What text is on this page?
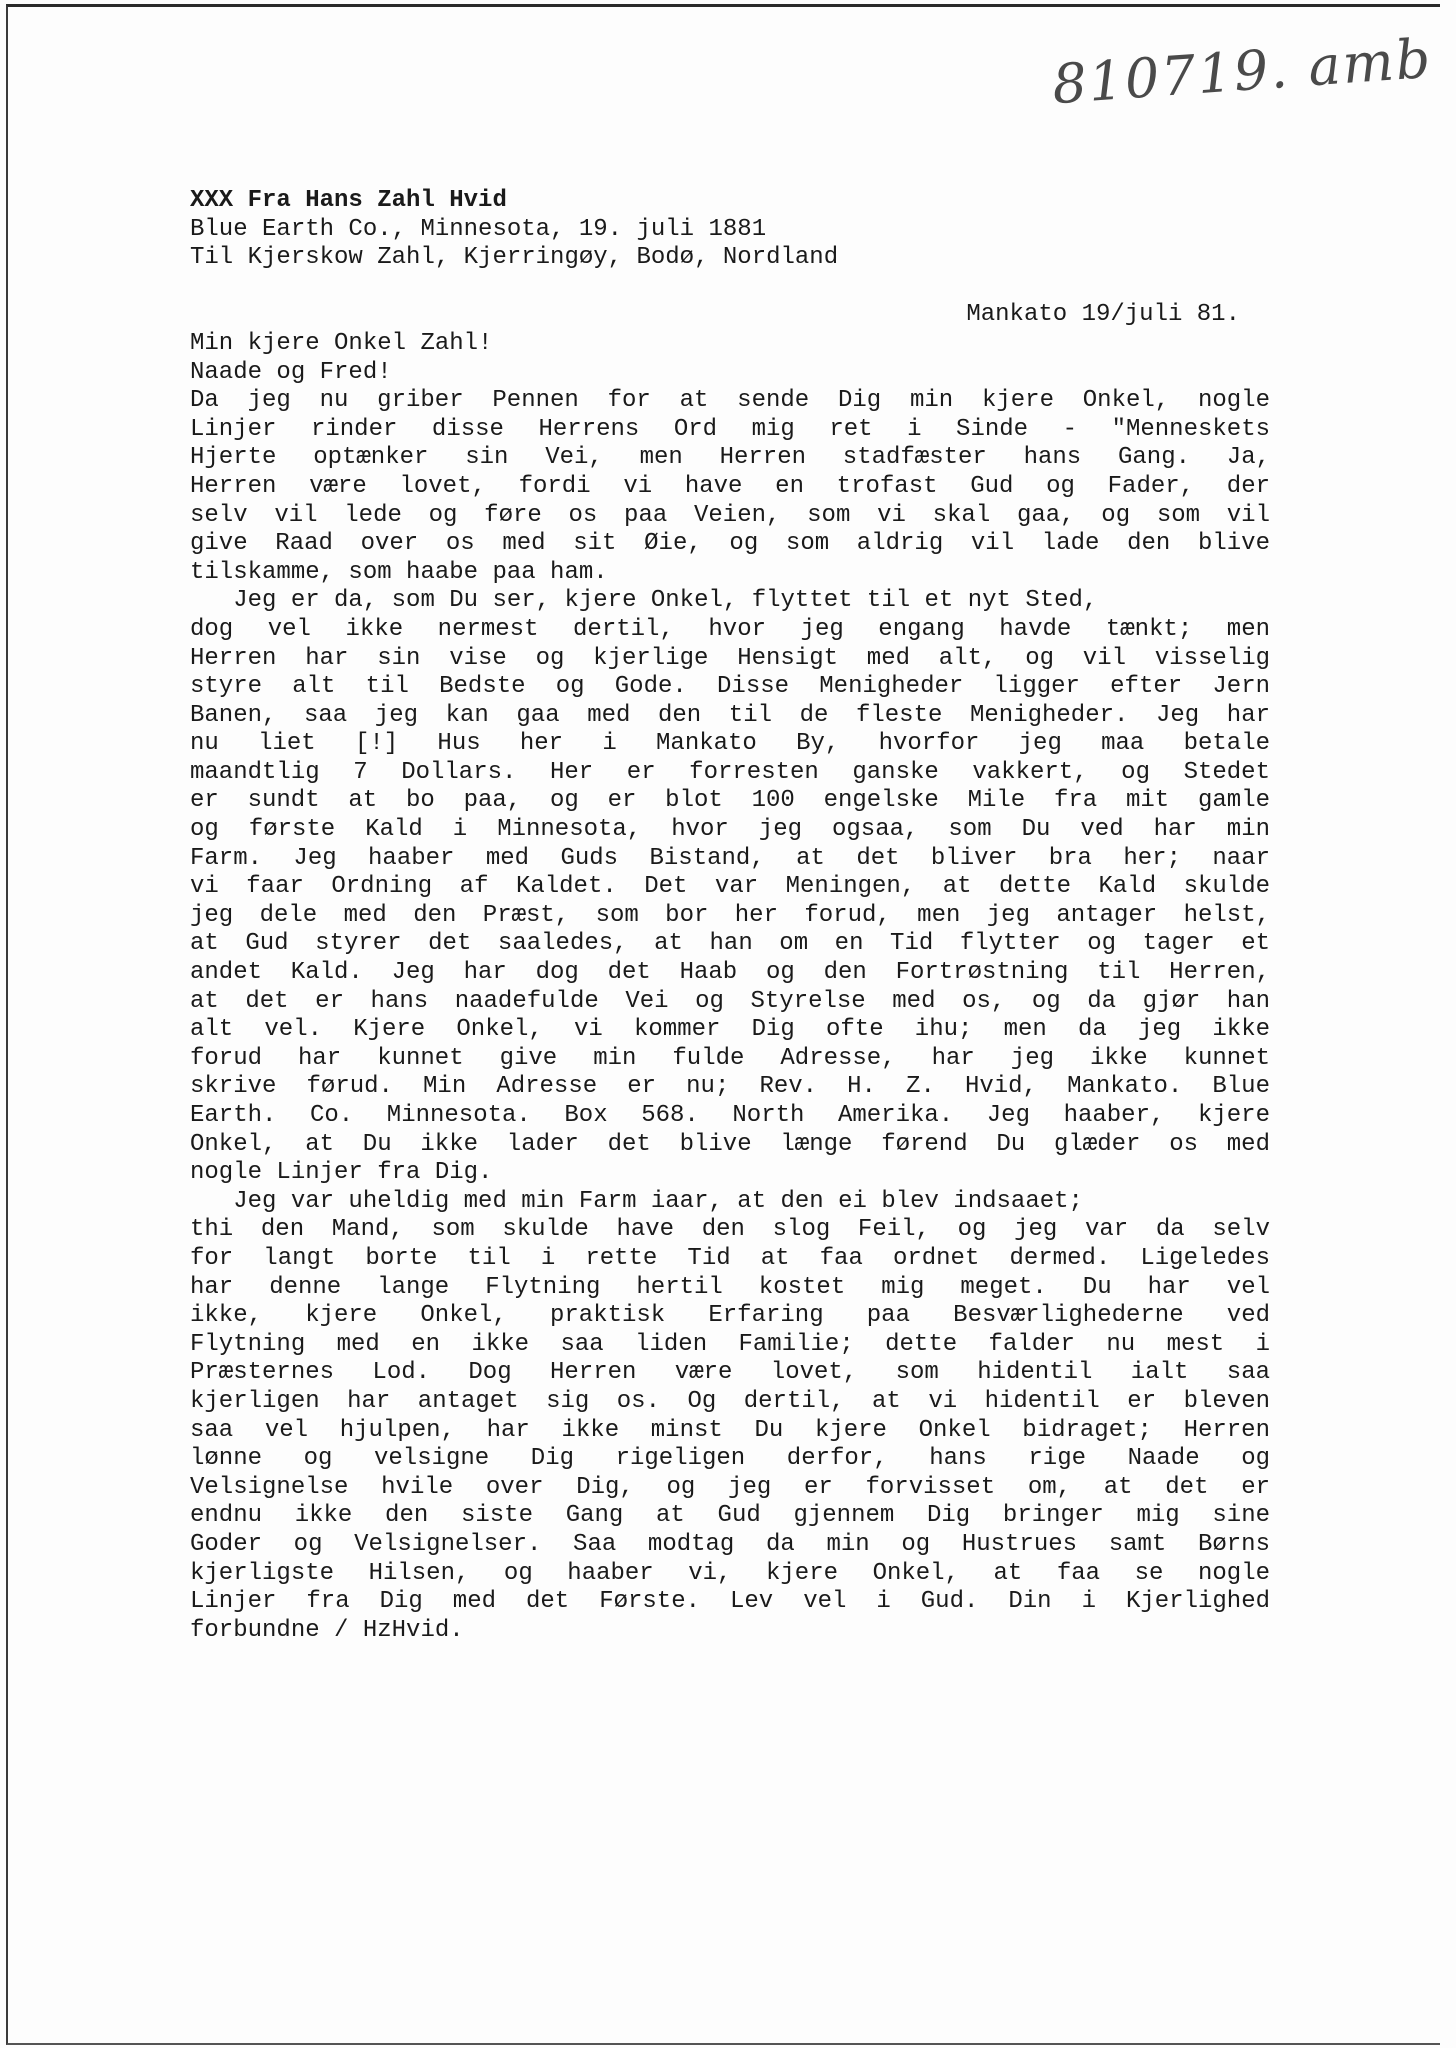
810719. amb
XXX Fra Hans Zahl Hvid
Blue Earth Co., Minnesota, 19. juli 1881
Til Kjerskow Zahl, Kjerringøy, Bodø, Nordland
Mankato 19/juli 81.
Min kjere Onkel Zahl!
Naade og Fred!
Da jeg nu griber Pennen for at sende Dig min kjere Onkel, nogle
Linjer rinder disse Herrens Ord mig ret i Sinde - "Menneskets
Hjerte optænker sin Vei, men Herren stadfæster hans Gang. Ja,
Herren være lovet, fordi vi have en trofast Gud og Fader, der
selv vil lede og føre os paa Veien, som vi skal gaa, og som vil
give Raad over os med sit Øie, og som aldrig vil lade den blive
tilskamme, som haabe paa ham.
Jeg er da, som Du ser, kjere Onkel, flyttet til et nyt Sted,
dog vel ikke nermest dertil, hvor jeg engang havde tænkt; men
Herren har sin vise og kjerlige Hensigt med alt, og vil visselig
styre alt til Bedste og Gode. Disse Menigheder ligger efter Jern
Banen, saa jeg kan gaa med den til de fleste Menigheder. Jeg har
nu liet [!] Hus her i Mankato By, hvorfor jeg maa betale
maandtlig 7 Dollars. Her er forresten ganske vakkert, og Stedet
er sundt at bo paa, og er blot 100 engelske Mile fra mit gamle
og første Kald i Minnesota, hvor jeg ogsaa, som Du ved har min
Farm. Jeg haaber med Guds Bistand, at det bliver bra her; naar
vi faar Ordning af Kaldet. Det var Meningen, at dette Kald skulde
jeg dele med den Præst, som bor her forud, men jeg antager helst,
at Gud styrer det saaledes, at han om en Tid flytter og tager et
andet Kald. Jeg har dog det Haab og den Fortrøstning til Herren,
at det er hans naadefulde Vei og Styrelse med os, og da gjør han
alt vel. Kjere Onkel, vi kommer Dig ofte ihu; men da jeg ikke
forud har kunnet give min fulde Adresse, har jeg ikke kunnet
skrive førud. Min Adresse er nu; Rev. H. Z. Hvid, Mankato. Blue
Earth. Co. Minnesota. Box 568. North Amerika. Jeg haaber, kjere
Onkel, at Du ikke lader det blive længe førend Du glæder os med
nogle Linjer fra Dig.
Jeg var uheldig med min Farm iaar, at den ei blev indsaaet;
thi den Mand, som skulde have den slog Feil, og jeg var da selv
for langt borte til i rette Tid at faa ordnet dermed. Ligeledes
har denne lange Flytning hertil kostet mig meget. Du har vel
ikke, kjere Onkel, praktisk Erfaring paa Besværlighederne ved
Flytning med en ikke saa liden Familie; dette falder nu mest i
Præsternes Lod. Dog Herren være lovet, som hidentil ialt saa
kjerligen har antaget sig os. Og dertil, at vi hidentil er bleven
saa vel hjulpen, har ikke minst Du kjere Onkel bidraget; Herren
lønne og velsigne Dig rigeligen derfor, hans rige Naade og
Velsignelse hvile over Dig, og jeg er forvisset om, at det er
endnu ikke den siste Gang at Gud gjennem Dig bringer mig sine
Goder og Velsignelser. Saa modtag da min og Hustrues samt Børns
kjerligste Hilsen, og haaber vi, kjere Onkel, at faa se nogle
Linjer fra Dig med det Første. Lev vel i Gud. Din i Kjerlighed
forbundne / HzHvid.
